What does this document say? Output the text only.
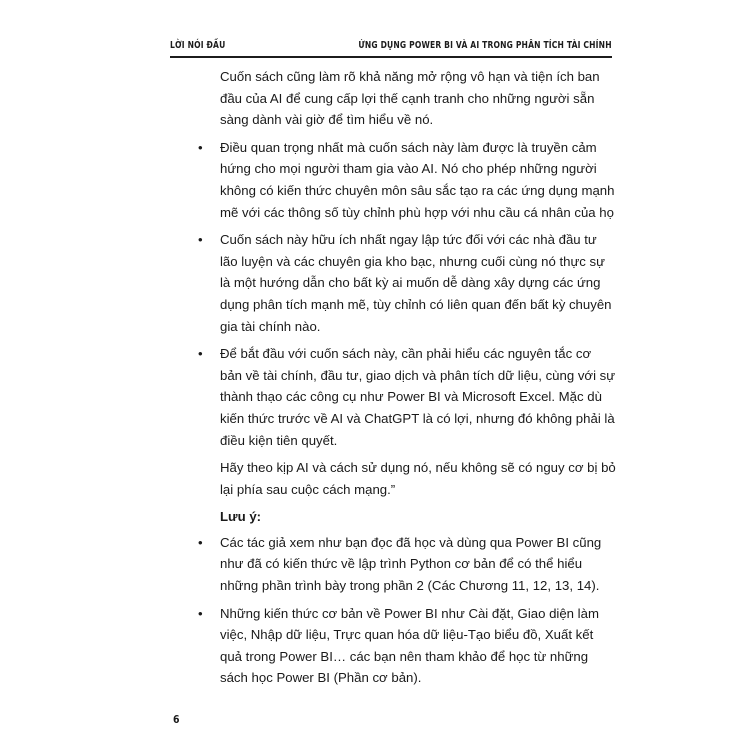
LỜI NÓI ĐẦU	ỨNG DỤNG POWER BI VÀ AI TRONG PHÂN TÍCH TÀI CHÍNH

Cuốn sách cũng làm rõ khả năng mở rộng vô hạn và tiện ích ban đầu của AI để cung cấp lợi thế cạnh tranh cho những người sẵn sàng dành vài giờ để tìm hiểu về nó.

• Điều quan trọng nhất mà cuốn sách này làm được là truyền cảm hứng cho mọi người tham gia vào AI. Nó cho phép những người không có kiến thức chuyên môn sâu sắc tạo ra các ứng dụng mạnh mẽ với các thông số tùy chỉnh phù hợp với nhu cầu cá nhân của họ
• Cuốn sách này hữu ích nhất ngay lập tức đối với các nhà đầu tư lão luyện và các chuyên gia kho bạc, nhưng cuối cùng nó thực sự là một hướng dẫn cho bất kỳ ai muốn dễ dàng xây dựng các ứng dụng phân tích mạnh mẽ, tùy chỉnh có liên quan đến bất kỳ chuyên gia tài chính nào.
• Để bắt đầu với cuốn sách này, cần phải hiểu các nguyên tắc cơ bản về tài chính, đầu tư, giao dịch và phân tích dữ liệu, cùng với sự thành thạo các công cụ như Power BI và Microsoft Excel. Mặc dù kiến thức trước về AI và ChatGPT là có lợi, nhưng đó không phải là điều kiện tiên quyết.

Hãy theo kịp AI và cách sử dụng nó, nếu không sẽ có nguy cơ bị bỏ lại phía sau cuộc cách mạng.”

Lưu ý:

• Các tác giả xem như bạn đọc đã học và dùng qua Power BI cũng như đã có kiến thức về lập trình Python cơ bản để có thể hiểu những phần trình bày trong phần 2 (Các Chương 11, 12, 13, 14).
• Những kiến thức cơ bản về Power BI như Cài đặt, Giao diện làm việc, Nhập dữ liệu, Trực quan hóa dữ liệu-Tạo biểu đồ, Xuất kết quả trong Power BI… các bạn nên tham khảo để học từ những sách học Power BI (Phần cơ bản).
6
